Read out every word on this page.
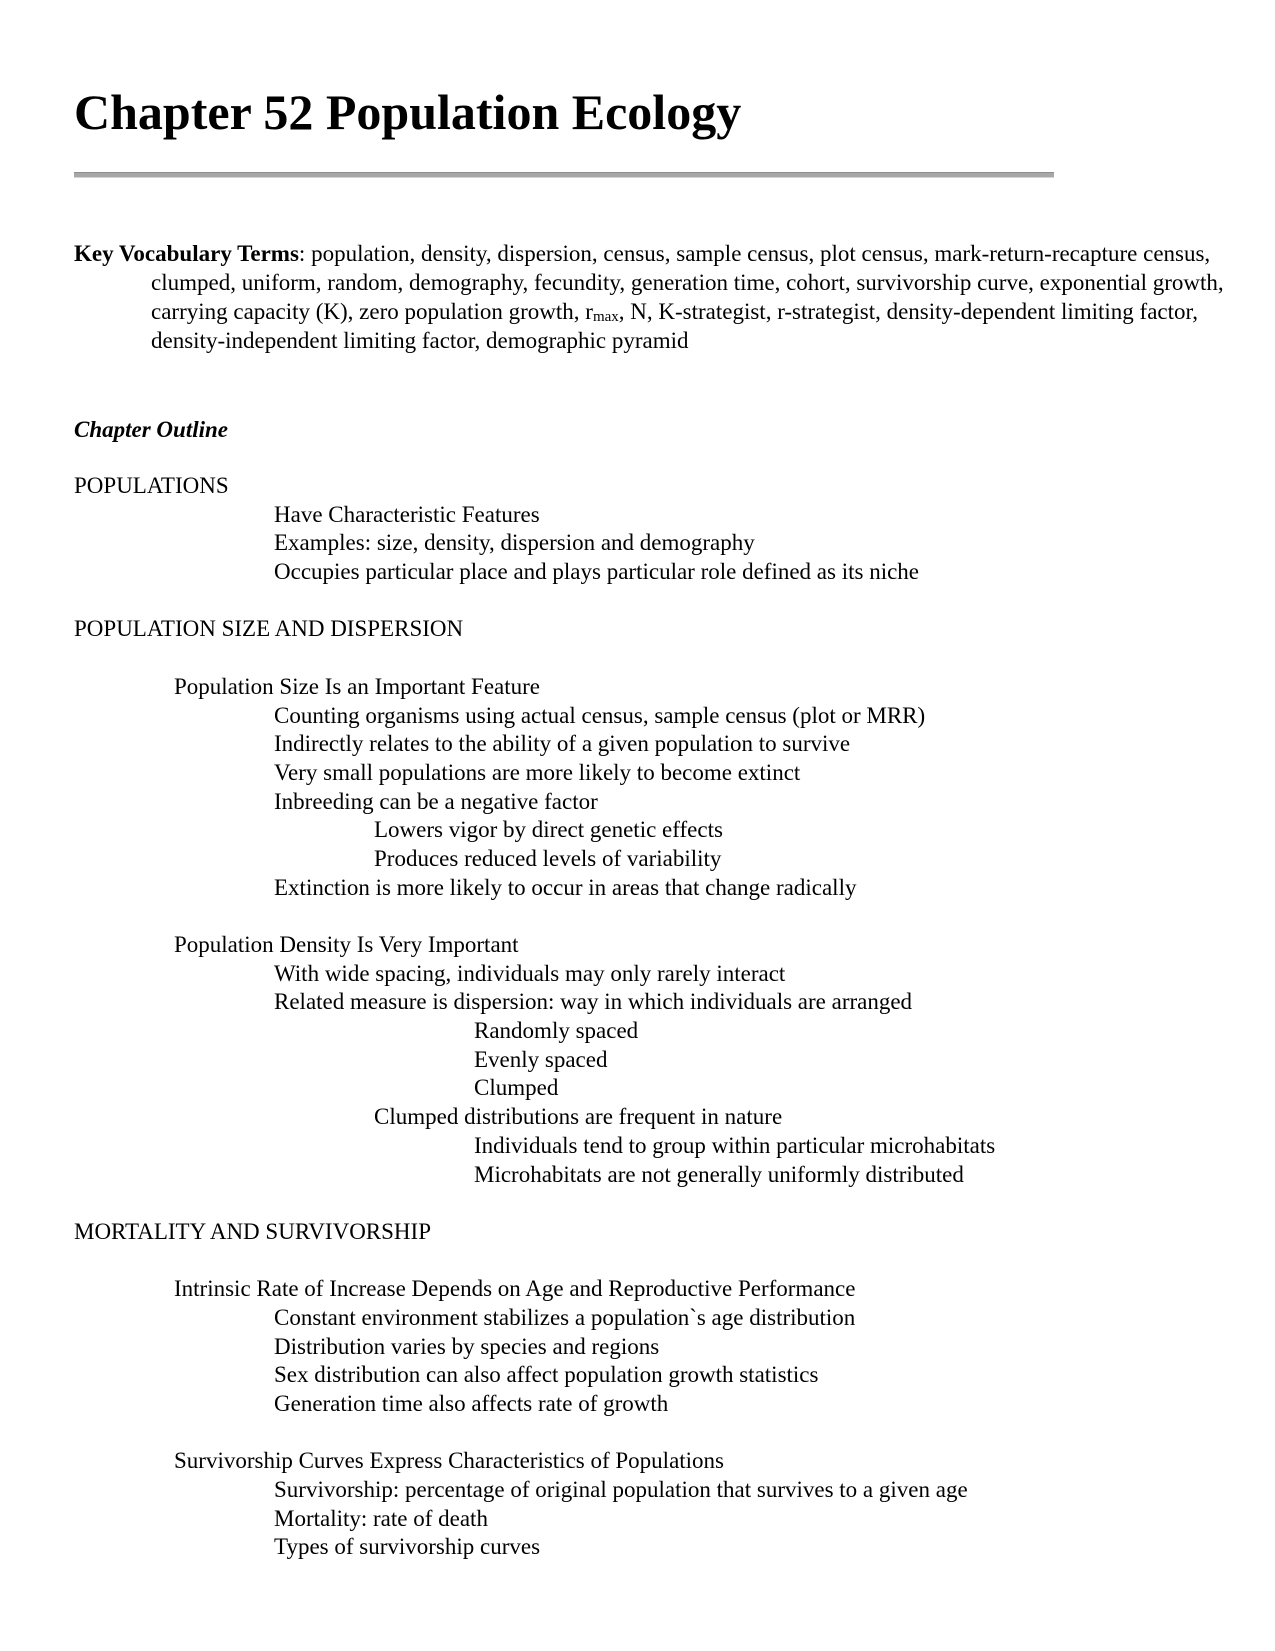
Chapter 52 Population Ecology
Key Vocabulary Terms: population, density, dispersion, census, sample census, plot census, mark-return-recapture census, clumped, uniform, random, demography, fecundity, generation time, cohort, survivorship curve, exponential growth, carrying capacity (K), zero population growth, $r_{max}$, N, K-strategist, r-strategist, density-dependent limiting factor, density-independent limiting factor, demographic pyramid
Chapter Outline
POPULATIONS
Have Characteristic Features
Examples: size, density, dispersion and demography
Occupies particular place and plays particular role defined as its niche
POPULATION SIZE AND DISPERSION
Population Size Is an Important Feature
Counting organisms using actual census, sample census (plot or MRR)
Indirectly relates to the ability of a given population to survive
Very small populations are more likely to become extinct
Inbreeding can be a negative factor
Lowers vigor by direct genetic effects
Produces reduced levels of variability
Extinction is more likely to occur in areas that change radically
Population Density Is Very Important
With wide spacing, individuals may only rarely interact
Related measure is dispersion: way in which individuals are arranged
Randomly spaced
Evenly spaced
Clumped
Clumped distributions are frequent in nature
Individuals tend to group within particular microhabitats
Microhabitats are not generally uniformly distributed
MORTALITY AND SURVIVORSHIP
Intrinsic Rate of Increase Depends on Age and Reproductive Performance
Constant environment stabilizes a population`s age distribution
Distribution varies by species and regions
Sex distribution can also affect population growth statistics
Generation time also affects rate of growth
Survivorship Curves Express Characteristics of Populations
Survivorship: percentage of original population that survives to a given age
Mortality: rate of death
Types of survivorship curves
